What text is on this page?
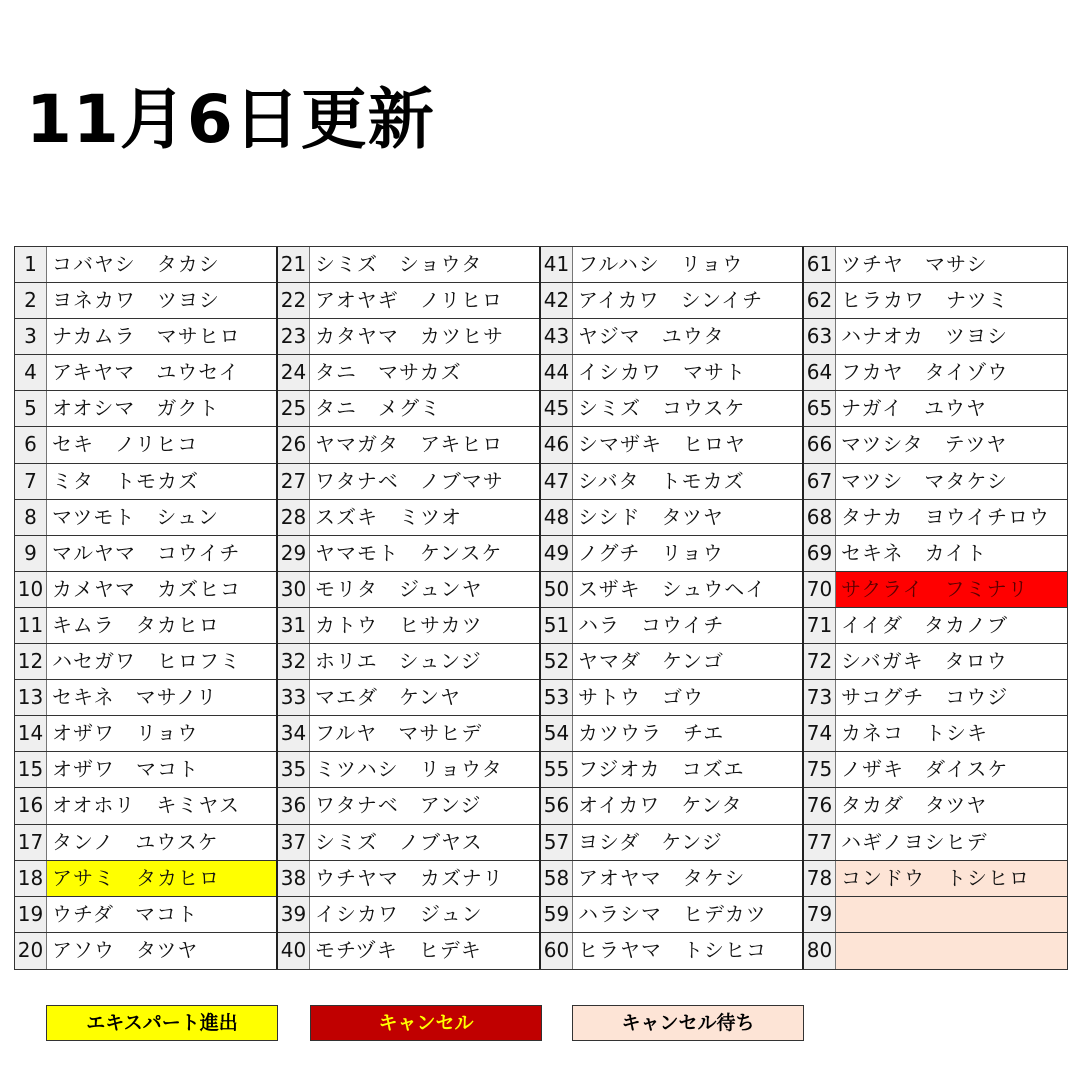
11月6日更新
1 コバヤシ　タカシ
2 ヨネカワ　ツヨシ
3 ナカムラ　マサヒロ
4 アキヤマ　ユウセイ
5 オオシマ　ガクト
6 セキ　ノリヒコ
7 ミタ　トモカズ
8 マツモト　シュン
9 マルヤマ　コウイチ
10 カメヤマ　カズヒコ
11 キムラ　タカヒロ
12 ハセガワ　ヒロフミ
13 セキネ　マサノリ
14 オザワ　リョウ
15 オザワ　マコト
16 オオホリ　キミヤス
17 タンノ　ユウスケ
18 アサミ　タカヒロ
19 ウチダ　マコト
20 アソウ　タツヤ
21 シミズ　ショウタ
22 アオヤギ　ノリヒロ
23 カタヤマ　カツヒサ
24 タニ　マサカズ
25 タニ　メグミ
26 ヤマガタ　アキヒロ
27 ワタナベ　ノブマサ
28 スズキ　ミツオ
29 ヤマモト　ケンスケ
30 モリタ　ジュンヤ
31 カトウ　ヒサカツ
32 ホリエ　シュンジ
33 マエダ　ケンヤ
34 フルヤ　マサヒデ
35 ミツハシ　リョウタ
36 ワタナベ　アンジ
37 シミズ　ノブヤス
38 ウチヤマ　カズナリ
39 イシカワ　ジュン
40 モチヅキ　ヒデキ
41 フルハシ　リョウ
42 アイカワ　シンイチ
43 ヤジマ　ユウタ
44 イシカワ　マサト
45 シミズ　コウスケ
46 シマザキ　ヒロヤ
47 シバタ　トモカズ
48 シシド　タツヤ
49 ノグチ　リョウ
50 スザキ　シュウヘイ
51 ハラ　コウイチ
52 ヤマダ　ケンゴ
53 サトウ　ゴウ
54 カツウラ　チエ
55 フジオカ　コズエ
56 オイカワ　ケンタ
57 ヨシダ　ケンジ
58 アオヤマ　タケシ
59 ハラシマ　ヒデカツ
60 ヒラヤマ　トシヒコ
61 ツチヤ　マサシ
62 ヒラカワ　ナツミ
63 ハナオカ　ツヨシ
64 フカヤ　タイゾウ
65 ナガイ　ユウヤ
66 マツシタ　テツヤ
67 マツシ　マタケシ
68 タナカ　ヨウイチロウ
69 セキネ　カイト
70 サクライ　フミナリ
71 イイダ　タカノブ
72 シバガキ　タロウ
73 サコグチ　コウジ
74 カネコ　トシキ
75 ノザキ　ダイスケ
76 タカダ　タツヤ
77 ハギノヨシヒデ
78 コンドウ　トシヒロ
79
80
エキスパート進出	キャンセル	キャンセル待ち
